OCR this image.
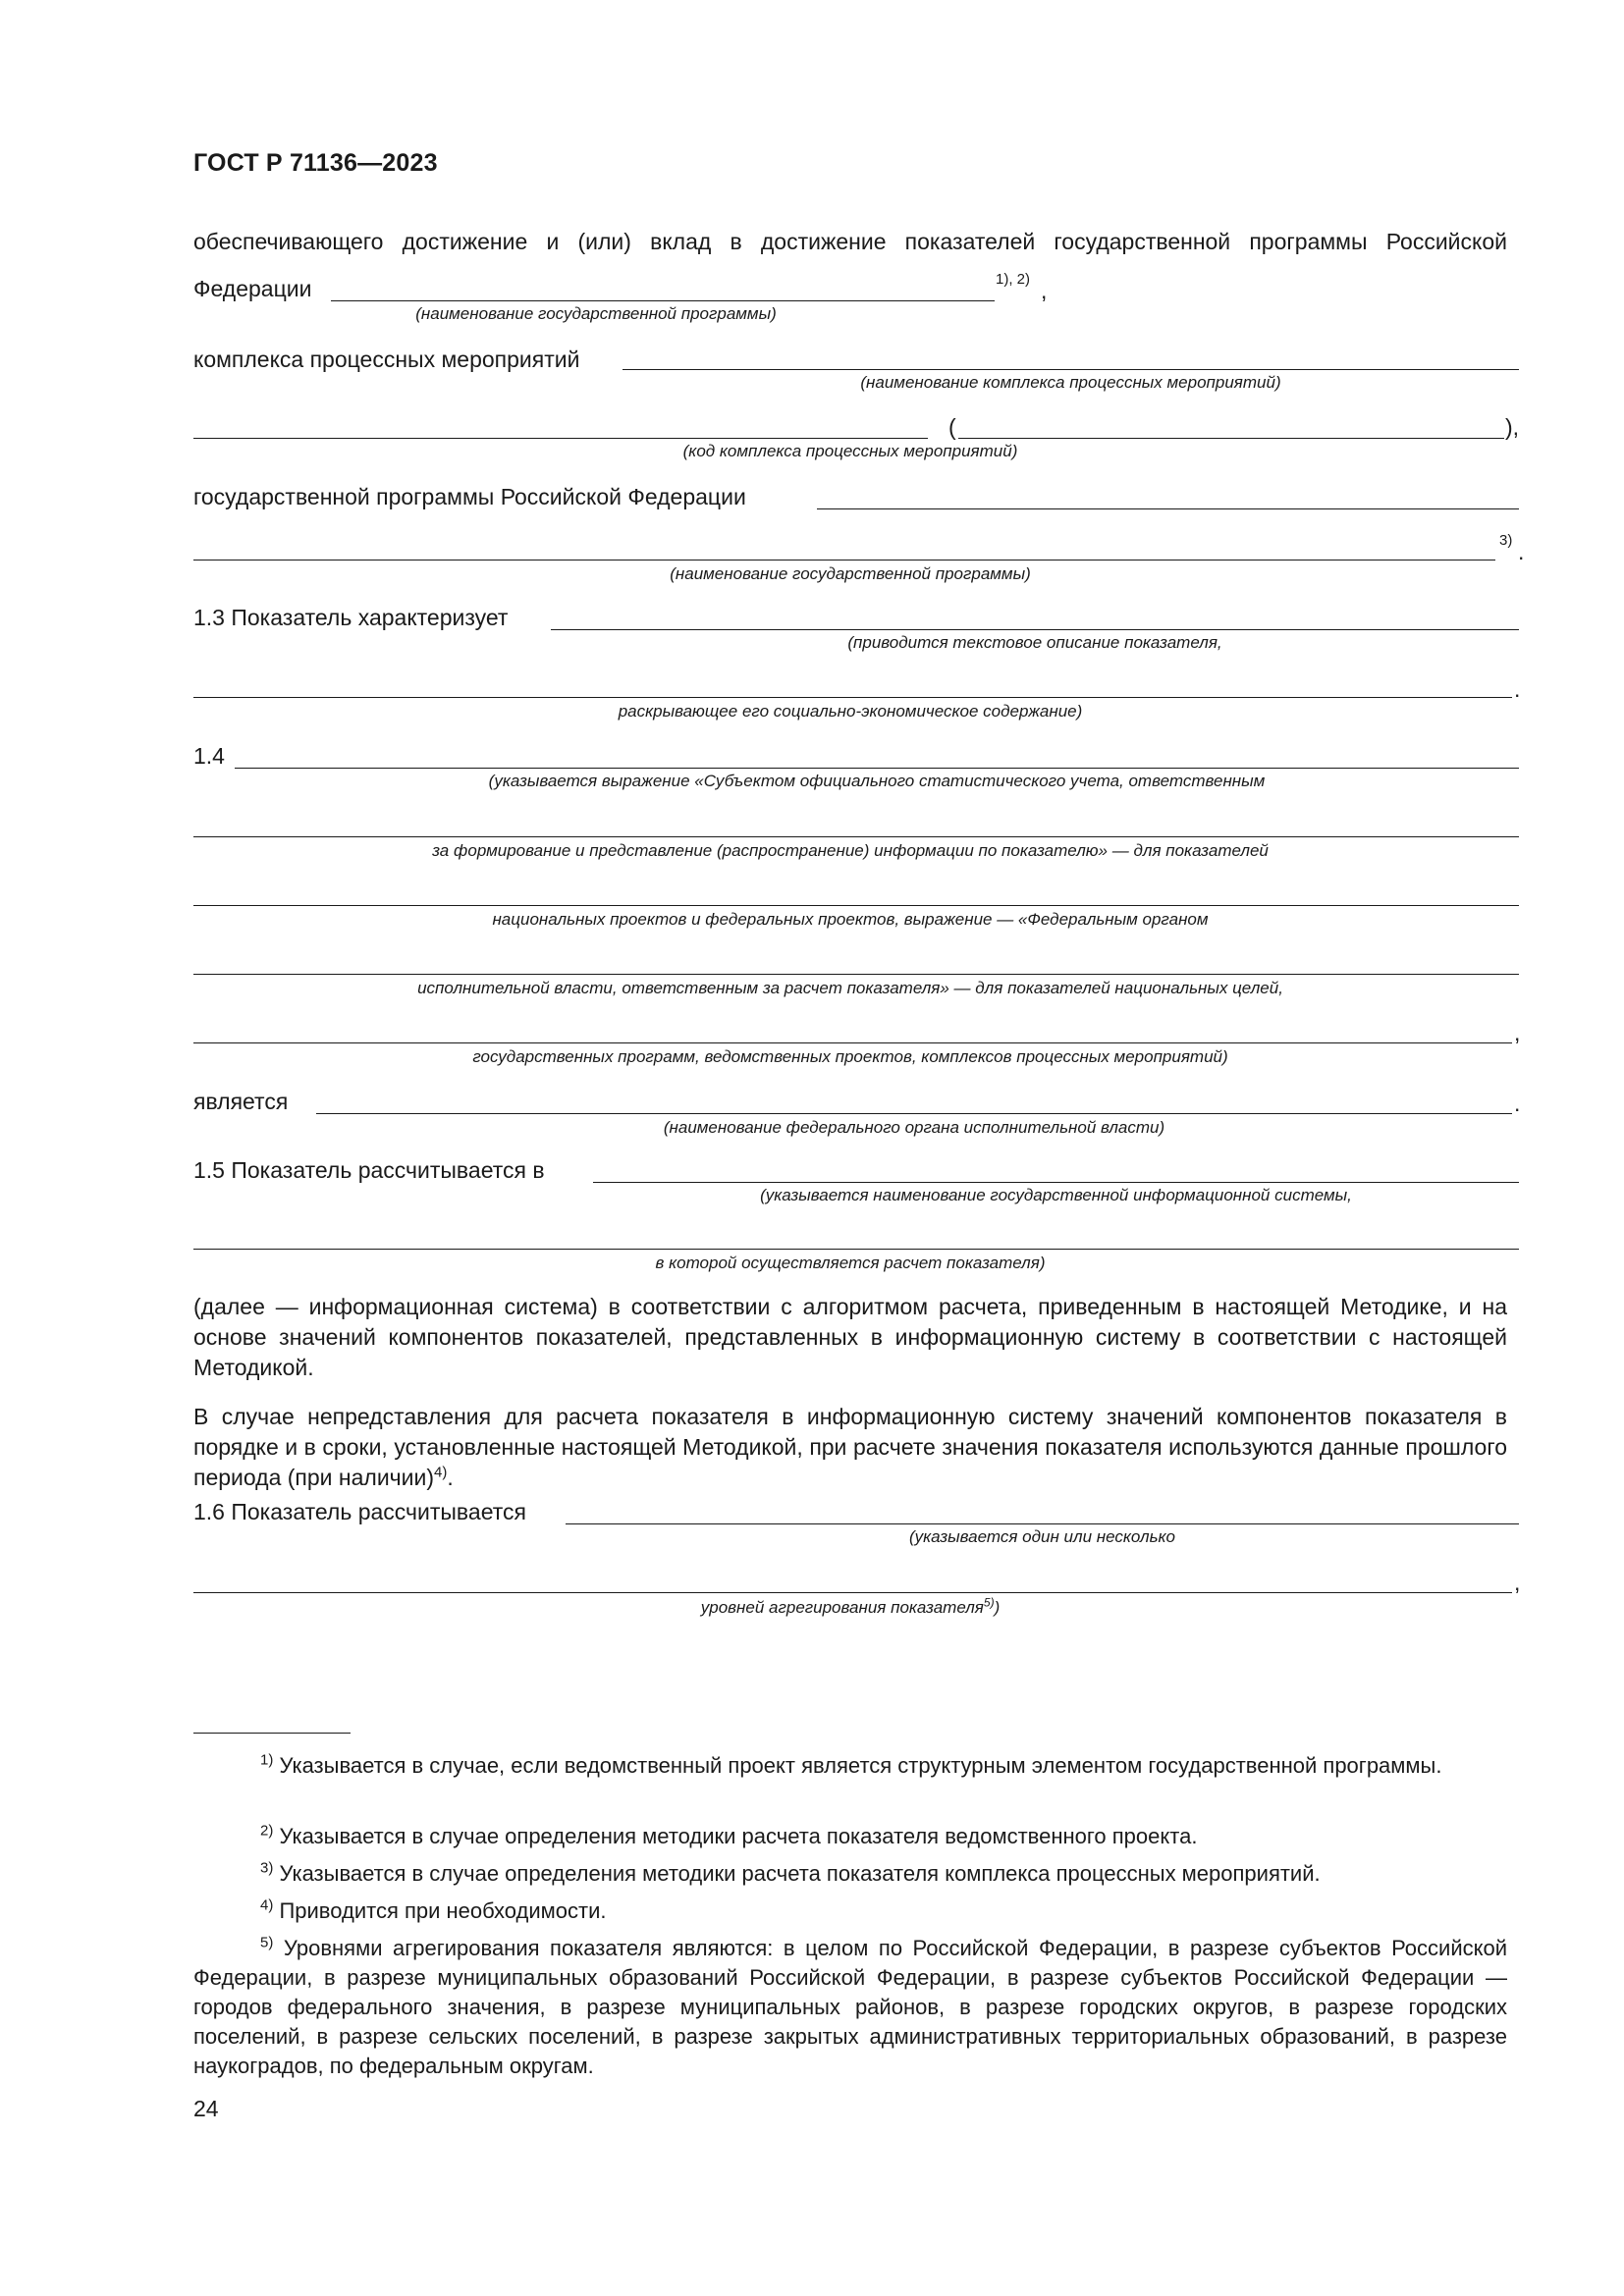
ГОСТ Р 71136—2023
обеспечивающего достижение и (или) вклад в достижение показателей государственной программы Российской
Федерации	1), 2) ,
(наименование государственной программы)
комплекса процессных мероприятий
(наименование комплекса процессных мероприятий)
(	),
(код комплекса процессных мероприятий)
государственной программы Российской Федерации
3) .
(наименование государственной программы)
1.3 Показатель характеризует
(приводится текстовое описание показателя,
.
раскрывающее его социально-экономическое содержание)
1.4
(указывается выражение «Субъектом официального статистического учета, ответственным
за формирование и представление (распространение) информации по показателю» — для показателей
национальных проектов и федеральных проектов, выражение — «Федеральным органом
исполнительной власти, ответственным за расчет показателя» — для показателей национальных целей,
,
государственных программ, ведомственных проектов, комплексов процессных мероприятий)
является	.
(наименование федерального органа исполнительной власти)
1.5 Показатель рассчитывается в
(указывается наименование государственной информационной системы,
в которой осуществляется расчет показателя)
(далее — информационная система) в соответствии с алгоритмом расчета, приведенным в настоящей Методике, и на основе значений компонентов показателей, представленных в информационную систему в соответствии с настоящей Методикой.
В случае непредставления для расчета показателя в информационную систему значений компонентов показателя в порядке и в сроки, установленные настоящей Методикой, при расчете значения показателя используются данные прошлого периода (при наличии)$^{4)}$.
1.6 Показатель рассчитывается
(указывается один или несколько
,
уровней агрегирования показателя$^{5)}$)
$^{1)}$ Указывается в случае, если ведомственный проект является структурным элементом государственной программы.
$^{2)}$ Указывается в случае определения методики расчета показателя ведомственного проекта.
$^{3)}$ Указывается в случае определения методики расчета показателя комплекса процессных мероприятий.
$^{4)}$ Приводится при необходимости.
$^{5)}$ Уровнями агрегирования показателя являются: в целом по Российской Федерации, в разрезе субъектов Российской Федерации, в разрезе муниципальных образований Российской Федерации, в разрезе субъектов Российской Федерации — городов федерального значения, в разрезе муниципальных районов, в разрезе городских округов, в разрезе городских поселений, в разрезе сельских поселений, в разрезе закрытых административных территориальных образований, в разрезе наукоградов, по федеральным округам.
24
